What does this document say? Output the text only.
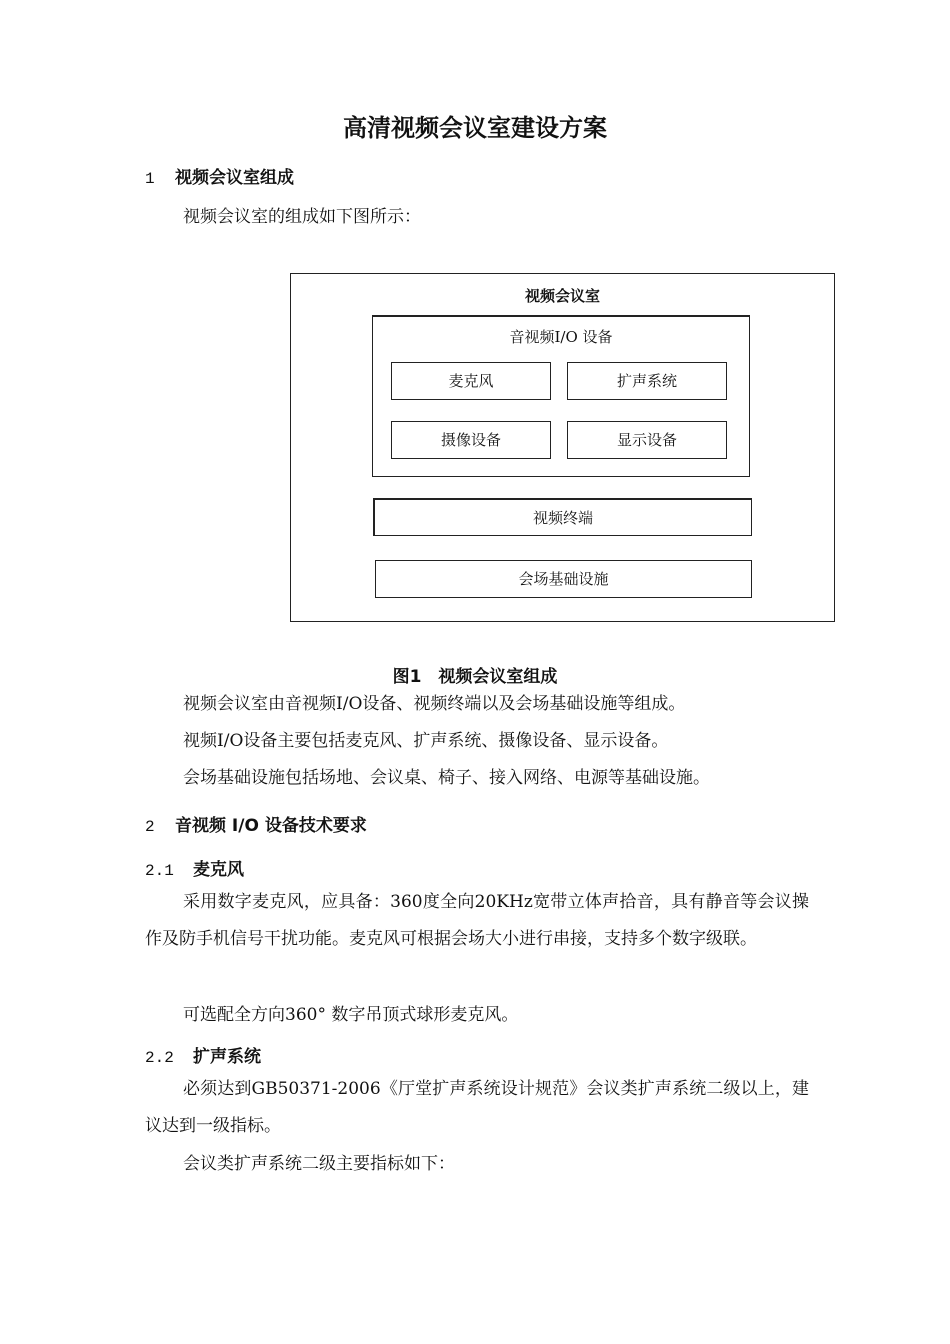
高清视频会议室建设方案
1 视频会议室组成
视频会议室的组成如下图所示：
视频会议室
音视频I/O 设备
麦克风	扩声系统
摄像设备	显示设备
视频终端
会场基础设施
图1　视频会议室组成
视频会议室由音视频I/O设备、视频终端以及会场基础设施等组成。
视频I/O设备主要包括麦克风、扩声系统、摄像设备、显示设备。
会场基础设施包括场地、会议桌、椅子、接入网络、电源等基础设施。
2 音视频 I/O 设备技术要求
2.1 麦克风
采用数字麦克风，应具备：360度全向20KHz宽带立体声拾音，具有静音等会议操作及防手机信号干扰功能。麦克风可根据会场大小进行串接，支持多个数字级联。
可选配全方向360° 数字吊顶式球形麦克风。
2.2 扩声系统
必须达到GB50371-2006《厅堂扩声系统设计规范》会议类扩声系统二级以上，建议达到一级指标。
会议类扩声系统二级主要指标如下：
